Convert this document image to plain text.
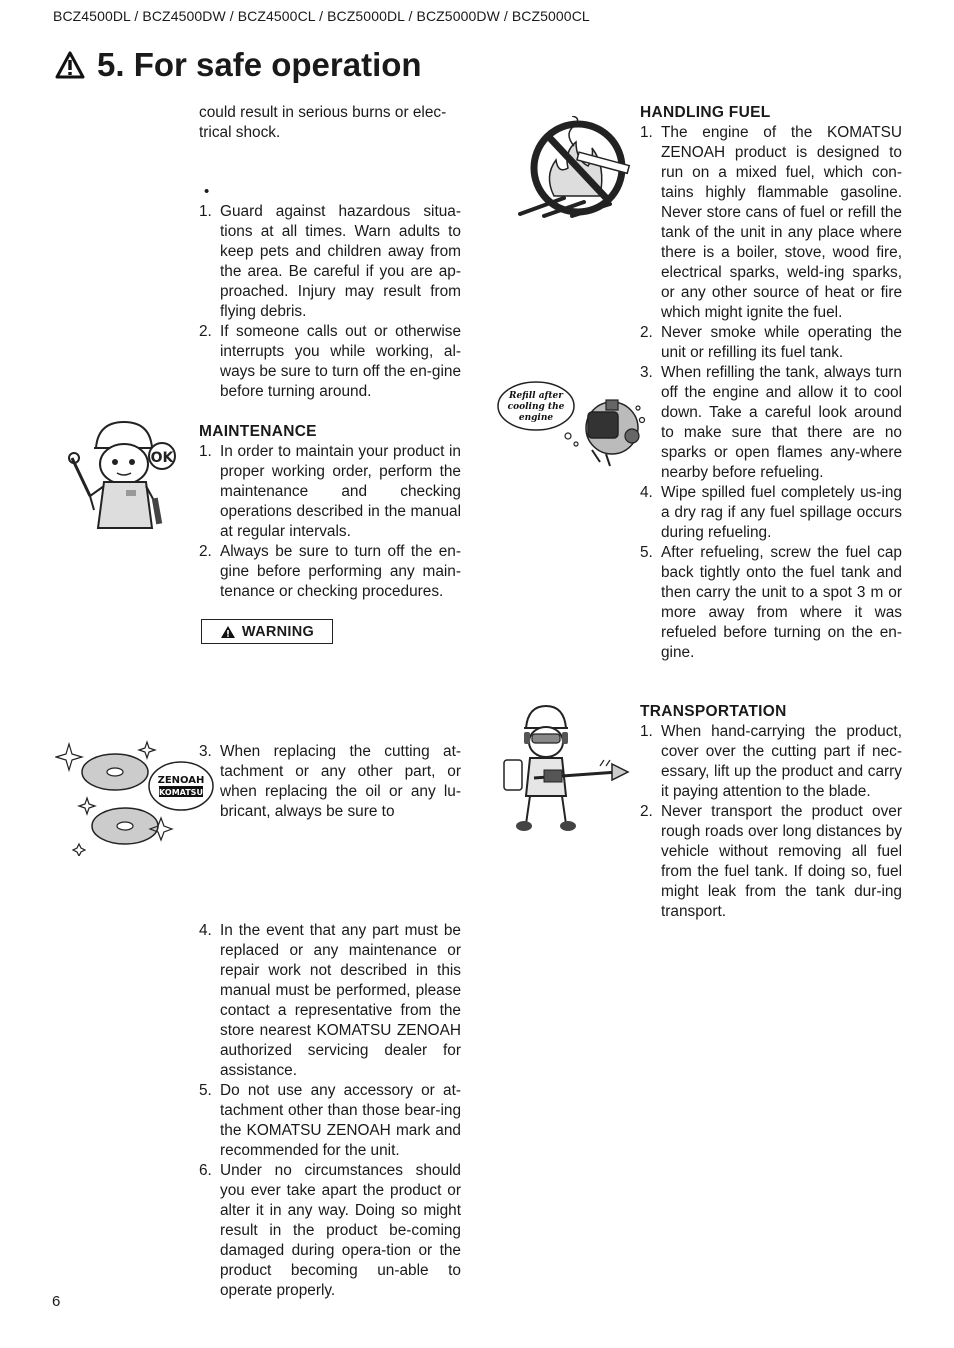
BCZ4500DL / BCZ4500DW / BCZ4500CL / BCZ5000DL / BCZ5000DW / BCZ5000CL
5. For safe operation

could result in serious burns or elec-trical shock.

•
1. Guard against hazardous situa-tions at all times. Warn adults to keep pets and children away from the area. Be careful if you are ap-proached. Injury may result from flying debris.
2. If someone calls out or otherwise interrupts you while working, al-ways be sure to turn off the en-gine before turning around.

MAINTENANCE

1. In order to maintain your product in proper working order, perform the maintenance and checking operations described in the manual at regular intervals.
2. Always be sure to turn off the en-gine before performing any main-tenance or checking procedures.
WARNING
3. When replacing the cutting at-tachment or any other part, or when replacing the oil or any lu-bricant, always be sure to
4. In the event that any part must be replaced or any maintenance or repair work not described in this manual must be performed, please contact a representative from the store nearest KOMATSU ZENOAH authorized servicing dealer for assistance.
5. Do not use any accessory or at-tachment other than those bear-ing the KOMATSU ZENOAH mark and recommended for the unit.
6. Under no circumstances should you ever take apart the product or alter it in any way. Doing so might result in the product be-coming damaged during opera-tion or the product becoming un-able to operate properly.

HANDLING FUEL

1. The engine of the KOMATSU ZENOAH product is designed to run on a mixed fuel, which con-tains highly flammable gasoline. Never store cans of fuel or refill the tank of the unit in any place where there is a boiler, stove, wood fire, electrical sparks, weld-ing sparks, or any other source of heat or fire which might ignite the fuel.
2. Never smoke while operating the unit or refilling its fuel tank.
3. When refilling the tank, always turn off the engine and allow it to cool down. Take a careful look around to make sure that there are no sparks or open flames any-where nearby before refueling.
4. Wipe spilled fuel completely us-ing a dry rag if any fuel spillage occurs during refueling.
5. After refueling, screw the fuel cap back tightly onto the fuel tank and then carry the unit to a spot 3 m or more away from where it was refueled before turning on the en-gine.

TRANSPORTATION

1. When hand-carrying the product, cover over the cutting part if nec-essary, lift up the product and carry it paying attention to the blade.
2. Never transport the product over rough roads over long distances by vehicle without removing all fuel from the fuel tank. If doing so, fuel might leak from the tank dur-ing transport.
OK
ZENOAH
KOMATSU
Refill after
cooling the
engine
6
